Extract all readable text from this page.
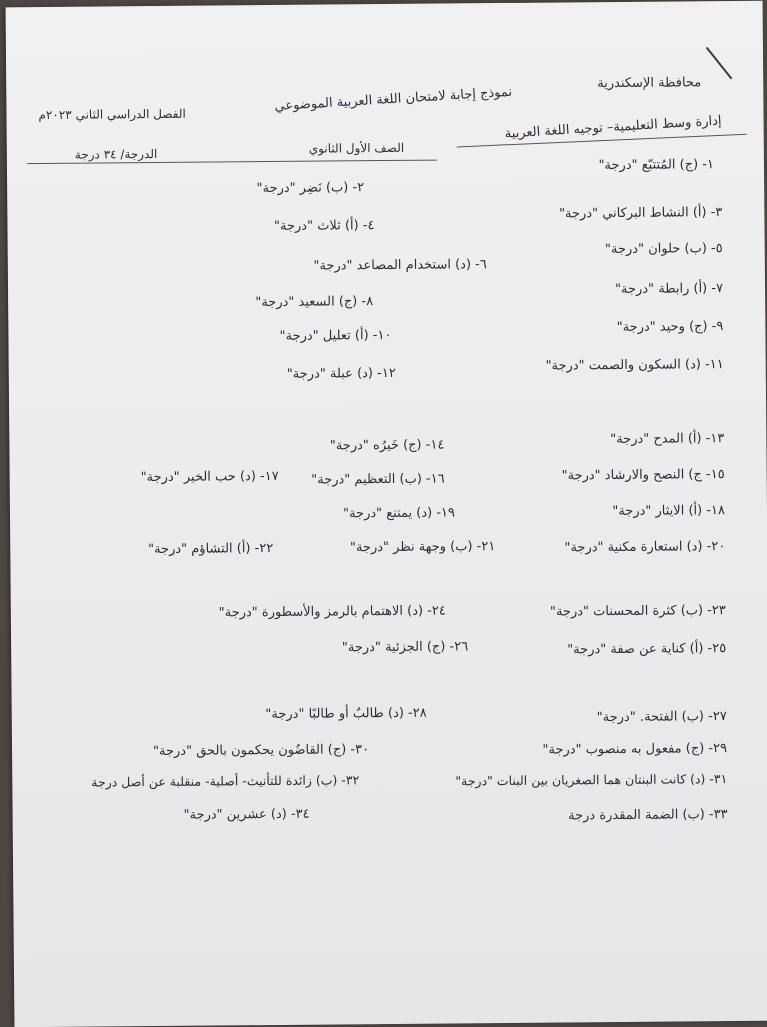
محافظة الإسكندرية
نموذج إجابة لامتحان اللغة العربية الموضوعي
الفصل الدراسي الثاني ٢٠٢٣م	إدارة وسط التعليمية– توجيه اللغة العربية
الصف الأول الثانوي
الدرجة/ ٣٤ درجة
١- (ج) المُتتبّع "درجة"
٢- (ب) نَضِر "درجة"
٣- (أ) النشاط البركاني "درجة"
٤- (أ) ثلاث "درجة"
٥- (ب) حلوان "درجة"
٦- (د) استخدام المصاعد "درجة"
٧- (أ) رابطة "درجة"
٨- (ج) السعيد "درجة"
٩- (ج) وحيد "درجة"
١٠- (أ) تعليل "درجة"
١١- (د) السكون والصمت "درجة"
١٢- (د) عبلة "درجة"
١٣- (أ) المدح "درجة"
١٤- (ج) خَيرُه "درجة"
١٥- ج) النصح والارشاد "درجة"
١٦- (ب) التعظيم "درجة"
١٧- (د) حب الخير "درجة"
١٨- (أ) الايثار "درجة"
١٩- (د) يمتنع "درجة"
٢٠- (د) استعارة مكنية "درجة"
٢١- (ب) وجهة نظر "درجة"
٢٢- (أ) التشاؤم "درجة"
٢٣- (ب) كثرة المحسنات "درجة"
٢٤- (د) الاهتمام بالرمز والأسطورة "درجة"
٢٥- (أ) كناية عن صفة "درجة"
٢٦- (ج) الجزئية "درجة"
٢٧- (ب) الفتحة. "درجة"
٢٨- (د) طالبٌ أو طالبًا "درجة"
٢٩- (ج) مفعول به منصوب "درجة"
٣٠- (ج) القاضُون يحكمون بالحق "درجة"
٣١- (د) كانت البنتان هما الصغريان بين البنات "درجة"
٣٢- (ب) زائدة للتأنيث- أصلية- منقلبة عن أصل درجة
٣٣- (ب) الضمة المقدرة درجة
٣٤- (د) عشرين "درجة"
